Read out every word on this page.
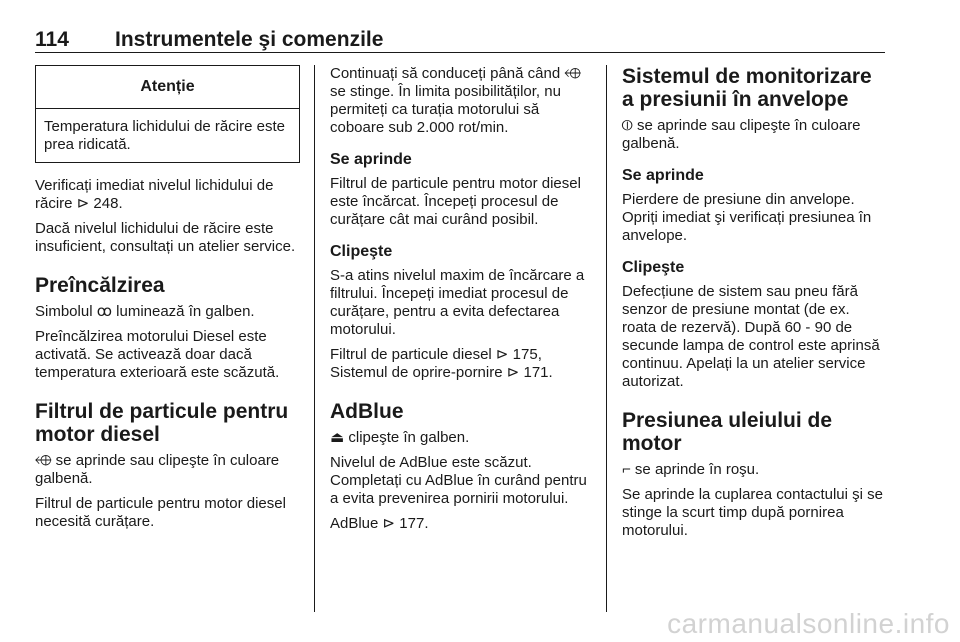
114 Instrumentele şi comenzile
Atenție
Temperatura lichidului de răcire este prea ridicată.

Verificați imediat nivelul lichidului de răcire ⊳ 248.

Dacă nivelul lichidului de răcire este insuficient, consultați un atelier service.

Preîncălzirea

Simbolul ꝏ luminează în galben.

Preîncălzirea motorului Diesel este activată. Se activează doar dacă temperatura exterioară este scăzută.

Filtrul de particule pentru motor diesel

⬲ se aprinde sau clipeşte în culoare galbenă.

Filtrul de particule pentru motor diesel necesită curățare.

Continuați să conduceți până când ⬲ se stinge. În limita posibilităților, nu permiteți ca turația motorului să coboare sub 2.000 rot/min.

Se aprinde

Filtrul de particule pentru motor diesel este încărcat. Începeți procesul de curățare cât mai curând posibil.

Clipeşte

S-a atins nivelul maxim de încărcare a filtrului. Începeți imediat procesul de curățare, pentru a evita defectarea motorului.

Filtrul de particule diesel ⊳ 175,
Sistemul de oprire-pornire ⊳ 171.

AdBlue

⏏ clipeşte în galben.

Nivelul de AdBlue este scăzut. Completați cu AdBlue în curând pentru a evita prevenirea pornirii motorului.

AdBlue ⊳ 177.

Sistemul de monitorizare a presiunii în anvelope

⦶ se aprinde sau clipeşte în culoare galbenă.

Se aprinde

Pierdere de presiune din anvelope. Opriți imediat şi verificați presiunea în anvelope.

Clipeşte

Defecțiune de sistem sau pneu fără senzor de presiune montat (de ex. roata de rezervă). După 60 - 90 de secunde lampa de control este aprinsă continuu. Apelați la un atelier service autorizat.

Presiunea uleiului de motor

⌐ se aprinde în roşu.

Se aprinde la cuplarea contactului şi se stinge la scurt timp după pornirea motorului.

carmanualsonline.info
